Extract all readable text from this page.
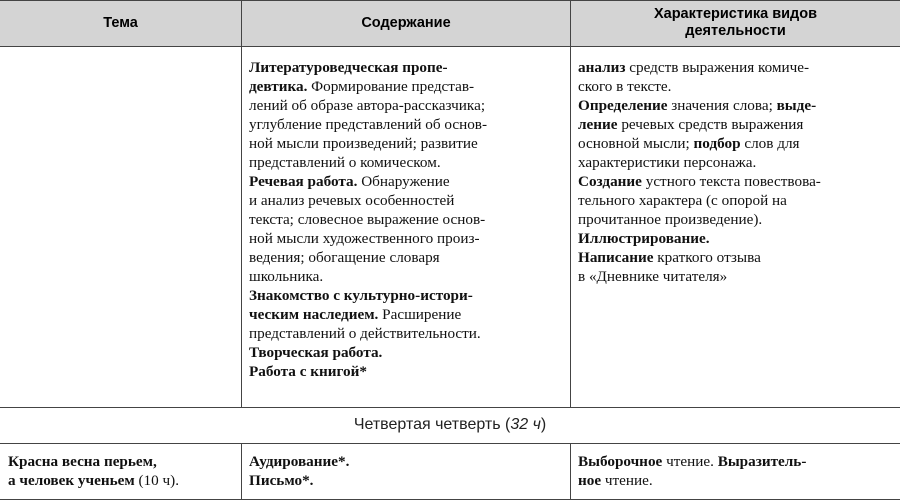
Тема	Содержание
Характеристика видов
деятельности

Литературоведческая пропе-

девтика. Формирование представ-

лений об образе автора-рассказчика;

углубление представлений об основ-

ной мысли произведений; развитие

представлений о комическом.

Речевая работа. Обнаружение

и анализ речевых особенностей

текста; словесное выражение основ-

ной мысли художественного произ-

ведения; обогащение словаря

школьника.

Знакомство с культурно-истори-

ческим наследием. Расширение

представлений о действительности.

Творческая работа.

Работа с книгой*

анализ средств выражения комиче-

ского в тексте.

Определение значения слова; выде-

ление речевых средств выражения

основной мысли; подбор слов для

характеристики персонажа.

Создание устного текста повествова-

тельного характера (с опорой на

прочитанное произведение).

Иллюстрирование.

Написание краткого отзыва

в «Дневнике читателя»

Четвертая четверть ( 32 ч )

Красна весна перьем,

а человек ученьем (10 ч).

Аудирование*.

Письмо*.

Выборочное чтение. Выразитель-

ное чтение.
